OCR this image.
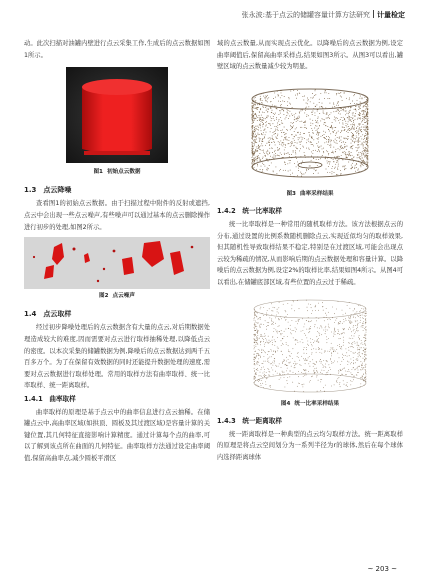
张永波:基于点云的储罐容量计算方法研究 计量检定

动。此次扫描对油罐内壁进行点云采集工作,生成后的点云数据如图1所示。

图1 初始点云数据
1.3　点云降噪

查看图1的初始点云数据。由于扫描过程中附件的反射或遮挡,点云中会出现一些点云噪声,有些噪声可以通过基本的点云删除操作进行初步的处理,如图2所示。

图2 点云噪声
1.4　点云取样

经过初步降噪处理后的点云数据含有大量的点云,对后期数据处理造成较大的难度,因而需要对点云进行取样抽稀处理,以降低点云的密度。以本次采集的储罐数据为例,降噪后的点云数据达到两千五百多万个。为了在保留有效数据的同时还能提升数据处理的速度,需要对点云数据进行取样处理。常用的取样方法有曲率取样、统一比率取样、统一距离取样。

1.4.1　曲率取样

曲率取样的原理是基于点云中的曲率信息进行点云抽稀。在储罐点云中,高曲率区域(如拱顶、圆板及其过渡区域)是容量计算的关键位置,其几何特征直接影响计算精度。通过计算每个点的曲率,可以了解到该点所在曲面的几何特征。曲率取样方法通过设定曲率阈值,保留高曲率点,减少圆板平滑区

域的点云数量,从而实现点云优化。以降噪后的点云数据为例,设定曲率阈值后,保留高曲率采样点,结果如图3所示。从图3可以看出,罐壁区域的点云数量减少较为明显。

图3 曲率采样结果
1.4.2　统一比率取样

统一比率取样是一种常用的随机取样方法。该方法根据点云的分布,通过设置的比例系数随机删除点云,实现近似均匀的取样效果,但其随机性导致取样结果不稳定,特别是在过渡区域,可能会出现点云较为稀疏的情况,从而影响后期的点云数据处理和容量计算。以降噪后的点云数据为例,设定2%的取样比率,结果如图4所示。从图4可以看出,在储罐底部区域,有些位置的点云过于稀疏。

图4 统一比率采样结果
1.4.3　统一距离取样

统一距离取样是一种典型的点云均匀取样方法。统一距离取样的原理是将点云空间划分为一系列半径为r的球体,然后在每个球体内选择距离球体

~ 203 ~
